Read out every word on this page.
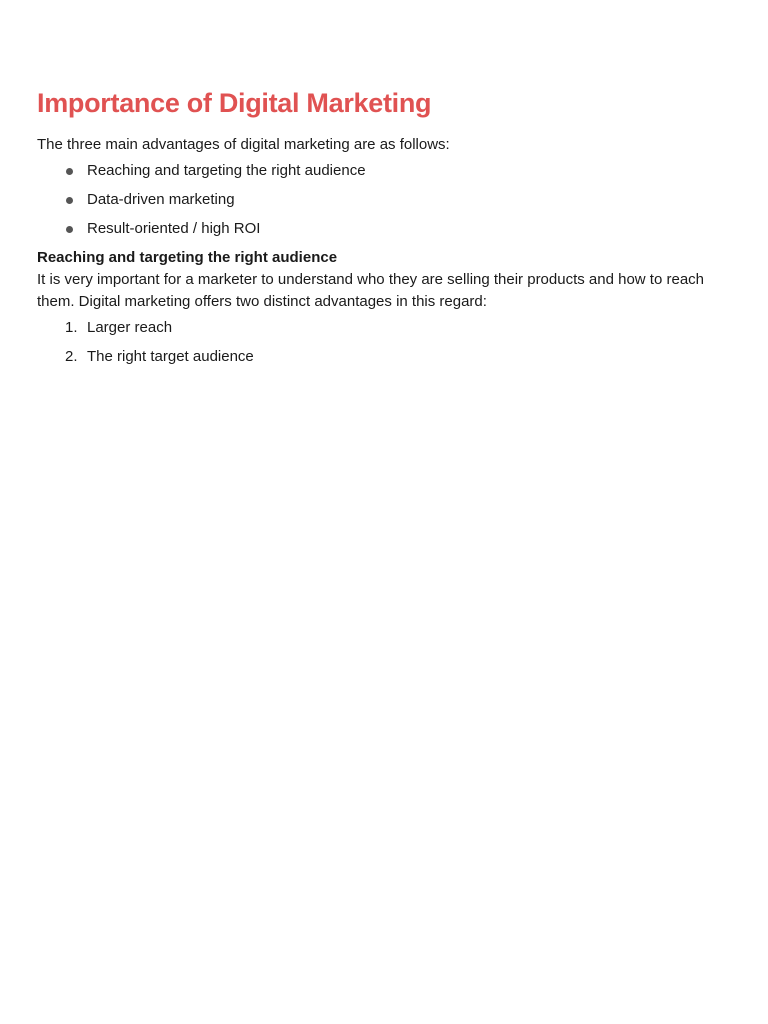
Importance of Digital Marketing

The three main advantages of digital marketing are as follows:

Reaching and targeting the right audience
Data-driven marketing
Result-oriented / high ROI

Reaching and targeting the right audience

It is very important for a marketer to understand who they are selling their products and how to reach them. Digital marketing offers two distinct advantages in this regard:

1. Larger reach
2. The right target audience
